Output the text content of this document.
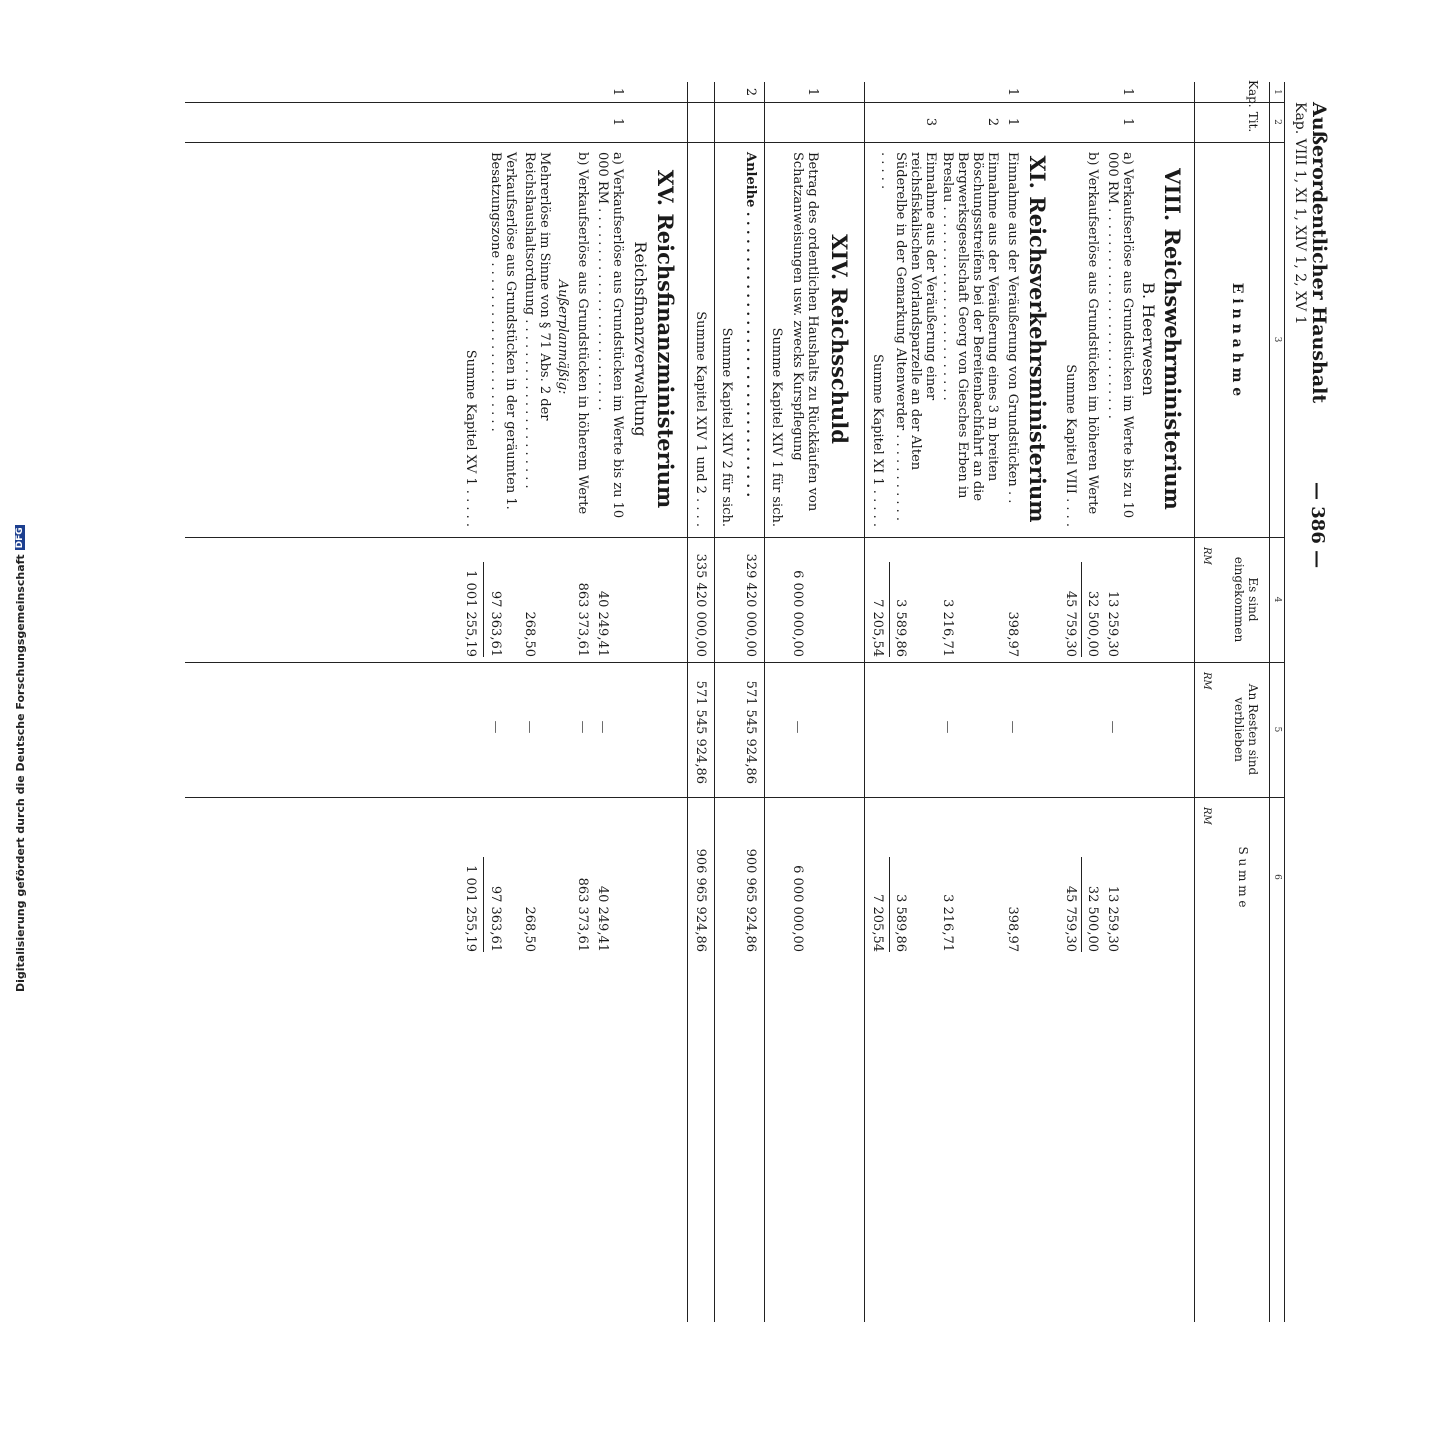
Digitalisierung gefördert durch die Deutsche Forschungsgemeinschaft
DFG
Außerordentlicher Haushalt
Kap. VIII 1, XI 1, XIV 1, 2, XV 1
— 386 —
1
2
3
4
5
6
Kap.
Tit.
E i n n a h m e
Es sind eingekommen
An Resten sind verblieben
S u m m e
RM
RM
RM
VIII. Reichswehrministerium
B. Heerwesen
1
1
a) Verkaufserlöse aus Grundstücken im Werte bis zu 10 000 RM . . . . . . . . . . . . . . . . . . . . . . . . . .
13 259,30
—
13 259,30
b) Verkaufserlöse aus Grundstücken im höheren Werte
32 500,00
32 500,00
Summe Kapitel VIII . . . .
45 759,30
45 759,30
XI. Reichsverkehrsministerium
1
1
Einnahme aus der Veräußerung von Grundstücken . .
398,97
—
398,97
2
Einnahme aus der Veräußerung eines 3 m breiten Böschungsstreifens bei der Bereitenbachfahrt an die Bergwerksgesellschaft Georg von Giesches Erben in Breslau . . . . . . . . . . . . . . . . . . . . . . . .
3 216,71
—
3 216,71
3
Einnahme aus der Veräußerung einer reichsfiskalischen Vorlandsparzelle an der Alten Süderelbe in der Gemarkung Altenwerder . . . . . . . . . . . . . . . .
3 589,86
3 589,86
Summe Kapitel XI 1 . . . . .
7 205,54
7 205,54
XIV. Reichsschuld
1
Betrag des ordentlichen Haushalts zu Rückkäufen von Schatzanweisungen usw. zwecks Kurspflegung
6 000 000,00
—
6 000 000,00
Summe Kapitel XIV 1 für sich.
2
Anleihe . . . . . . . . . . . . . . . . . . . . . . . . . . . . . . . .
329 420 000,00
571 545 924,86
900 965 924,86
Summe Kapitel XIV 2 für sich.
Summe Kapitel XIV 1 und 2 . . . .
335 420 000,00
571 545 924,86
906 965 924,86
XV. Reichsfinanzministerium
Reichsfinanzverwaltung
1
1
a) Verkaufserlöse aus Grundstücken im Werte bis zu 10 000 RM . . . . . . . . . . . . . . . . . . . . . . . . .
40 249,41
—
40 249,41
b) Verkaufserlöse aus Grundstücken in höherem Werte
863 373,61
—
863 373,61
Außerplanmäßig:
Mehrerlöse im Sinne von § 71 Abs. 2 der Reichshaushaltsordnung . . . . . . . . . . . . . . . . . . . . .
268,50
—
268,50
Verkaufserlöse aus Grundstücken in der geräumten 1. Besatzungszone . . . . . . . . . . . . . . . . . . . . .
97 363,61
—
97 363,61
Summe Kapitel XV 1 . . . . .
1 001 255,19
1 001 255,19
